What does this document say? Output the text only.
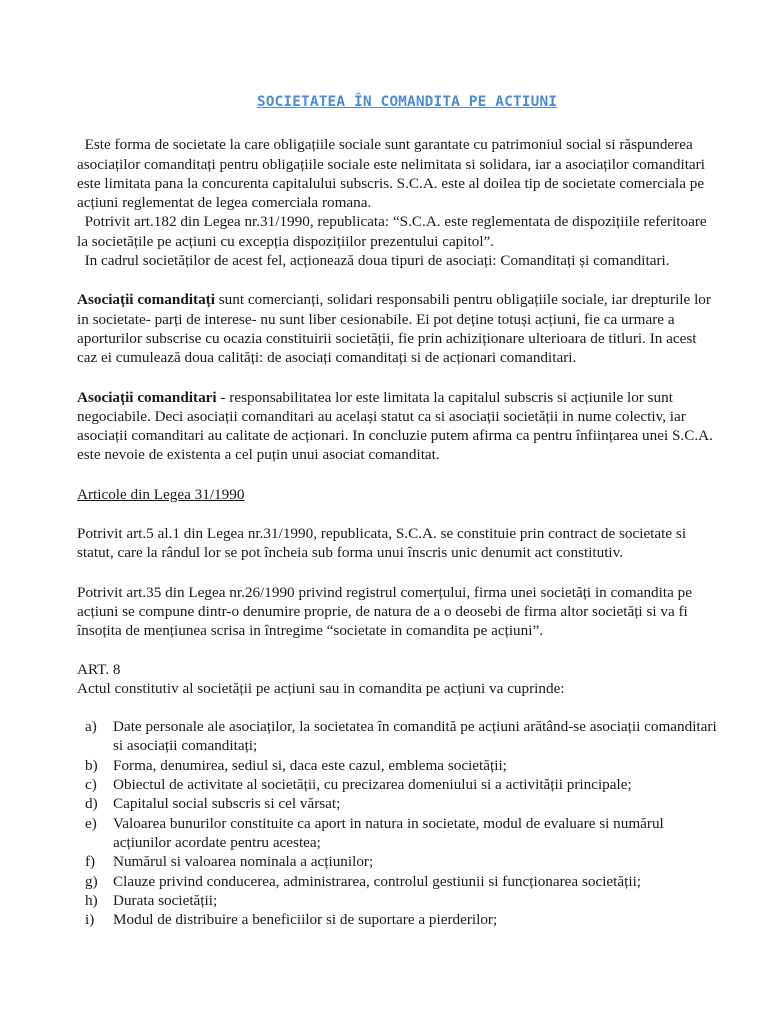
SOCIETATEA ÎN COMANDITA PE ACTIUNI

Este forma de societate la care obligațiile sociale sunt garantate cu patrimoniul social si răspunderea asociaților comanditați pentru obligațiile sociale este nelimitata si solidara, iar a asociaților comanditari este limitata pana la concurenta capitalului subscris. S.C.A. este al doilea tip de societate comerciala pe acțiuni reglementat de legea comerciala romana.

Potrivit art.182 din Legea nr.31/1990, republicata: “S.C.A. este reglementata de dispozițiile referitoare la societățile pe acțiuni cu excepția dispozițiilor prezentului capitol”.

In cadrul societăților de acest fel, acționează doua tipuri de asociați: Comanditați și comanditari.

Asociații comanditați sunt comercianți, solidari responsabili pentru obligațiile sociale, iar drepturile lor in societate- parți de interese- nu sunt liber cesionabile. Ei pot deține totuși acțiuni, fie ca urmare a aporturilor subscrise cu ocazia constituirii societății, fie prin achiziționare ulterioara de titluri. In acest caz ei cumulează doua calități: de asociați comanditați si de acționari comanditari.

Asociații comanditari - responsabilitatea lor este limitata la capitalul subscris si acțiunile lor sunt negociabile. Deci asociații comanditari au același statut ca si asociații societății in nume colectiv, iar asociații comanditari au calitate de acționari. In concluzie putem afirma ca pentru înființarea unei S.C.A. este nevoie de existenta a cel puțin unui asociat comanditat.

Articole din Legea 31/1990

Potrivit art.5 al.1 din Legea nr.31/1990, republicata, S.C.A. se constituie prin contract de societate si statut, care la rândul lor se pot încheia sub forma unui înscris unic denumit act constitutiv.

Potrivit art.35 din Legea nr.26/1990 privind registrul comerțului, firma unei societăți in comandita pe acțiuni se compune dintr-o denumire proprie, de natura de a o deosebi de firma altor societăți si va fi însoțita de mențiunea scrisa in întregime “societate in comandita pe acțiuni”.

ART. 8

Actul constitutiv al societății pe acțiuni sau in comandita pe acțiuni va cuprinde:

a) Date personale ale asociaților, la societatea în comandită pe acțiuni arătând-se asociații comanditari si asociații comanditați;
b) Forma, denumirea, sediul si, daca este cazul, emblema societății;
c) Obiectul de activitate al societății, cu precizarea domeniului si a activității principale;
d) Capitalul social subscris si cel vărsat;
e) Valoarea bunurilor constituite ca aport in natura in societate, modul de evaluare si numărul acțiunilor acordate pentru acestea;
f) Numărul si valoarea nominala a acțiunilor;
g) Clauze privind conducerea, administrarea, controlul gestiunii si funcționarea societății;
h) Durata societății;
i) Modul de distribuire a beneficiilor si de suportare a pierderilor;
